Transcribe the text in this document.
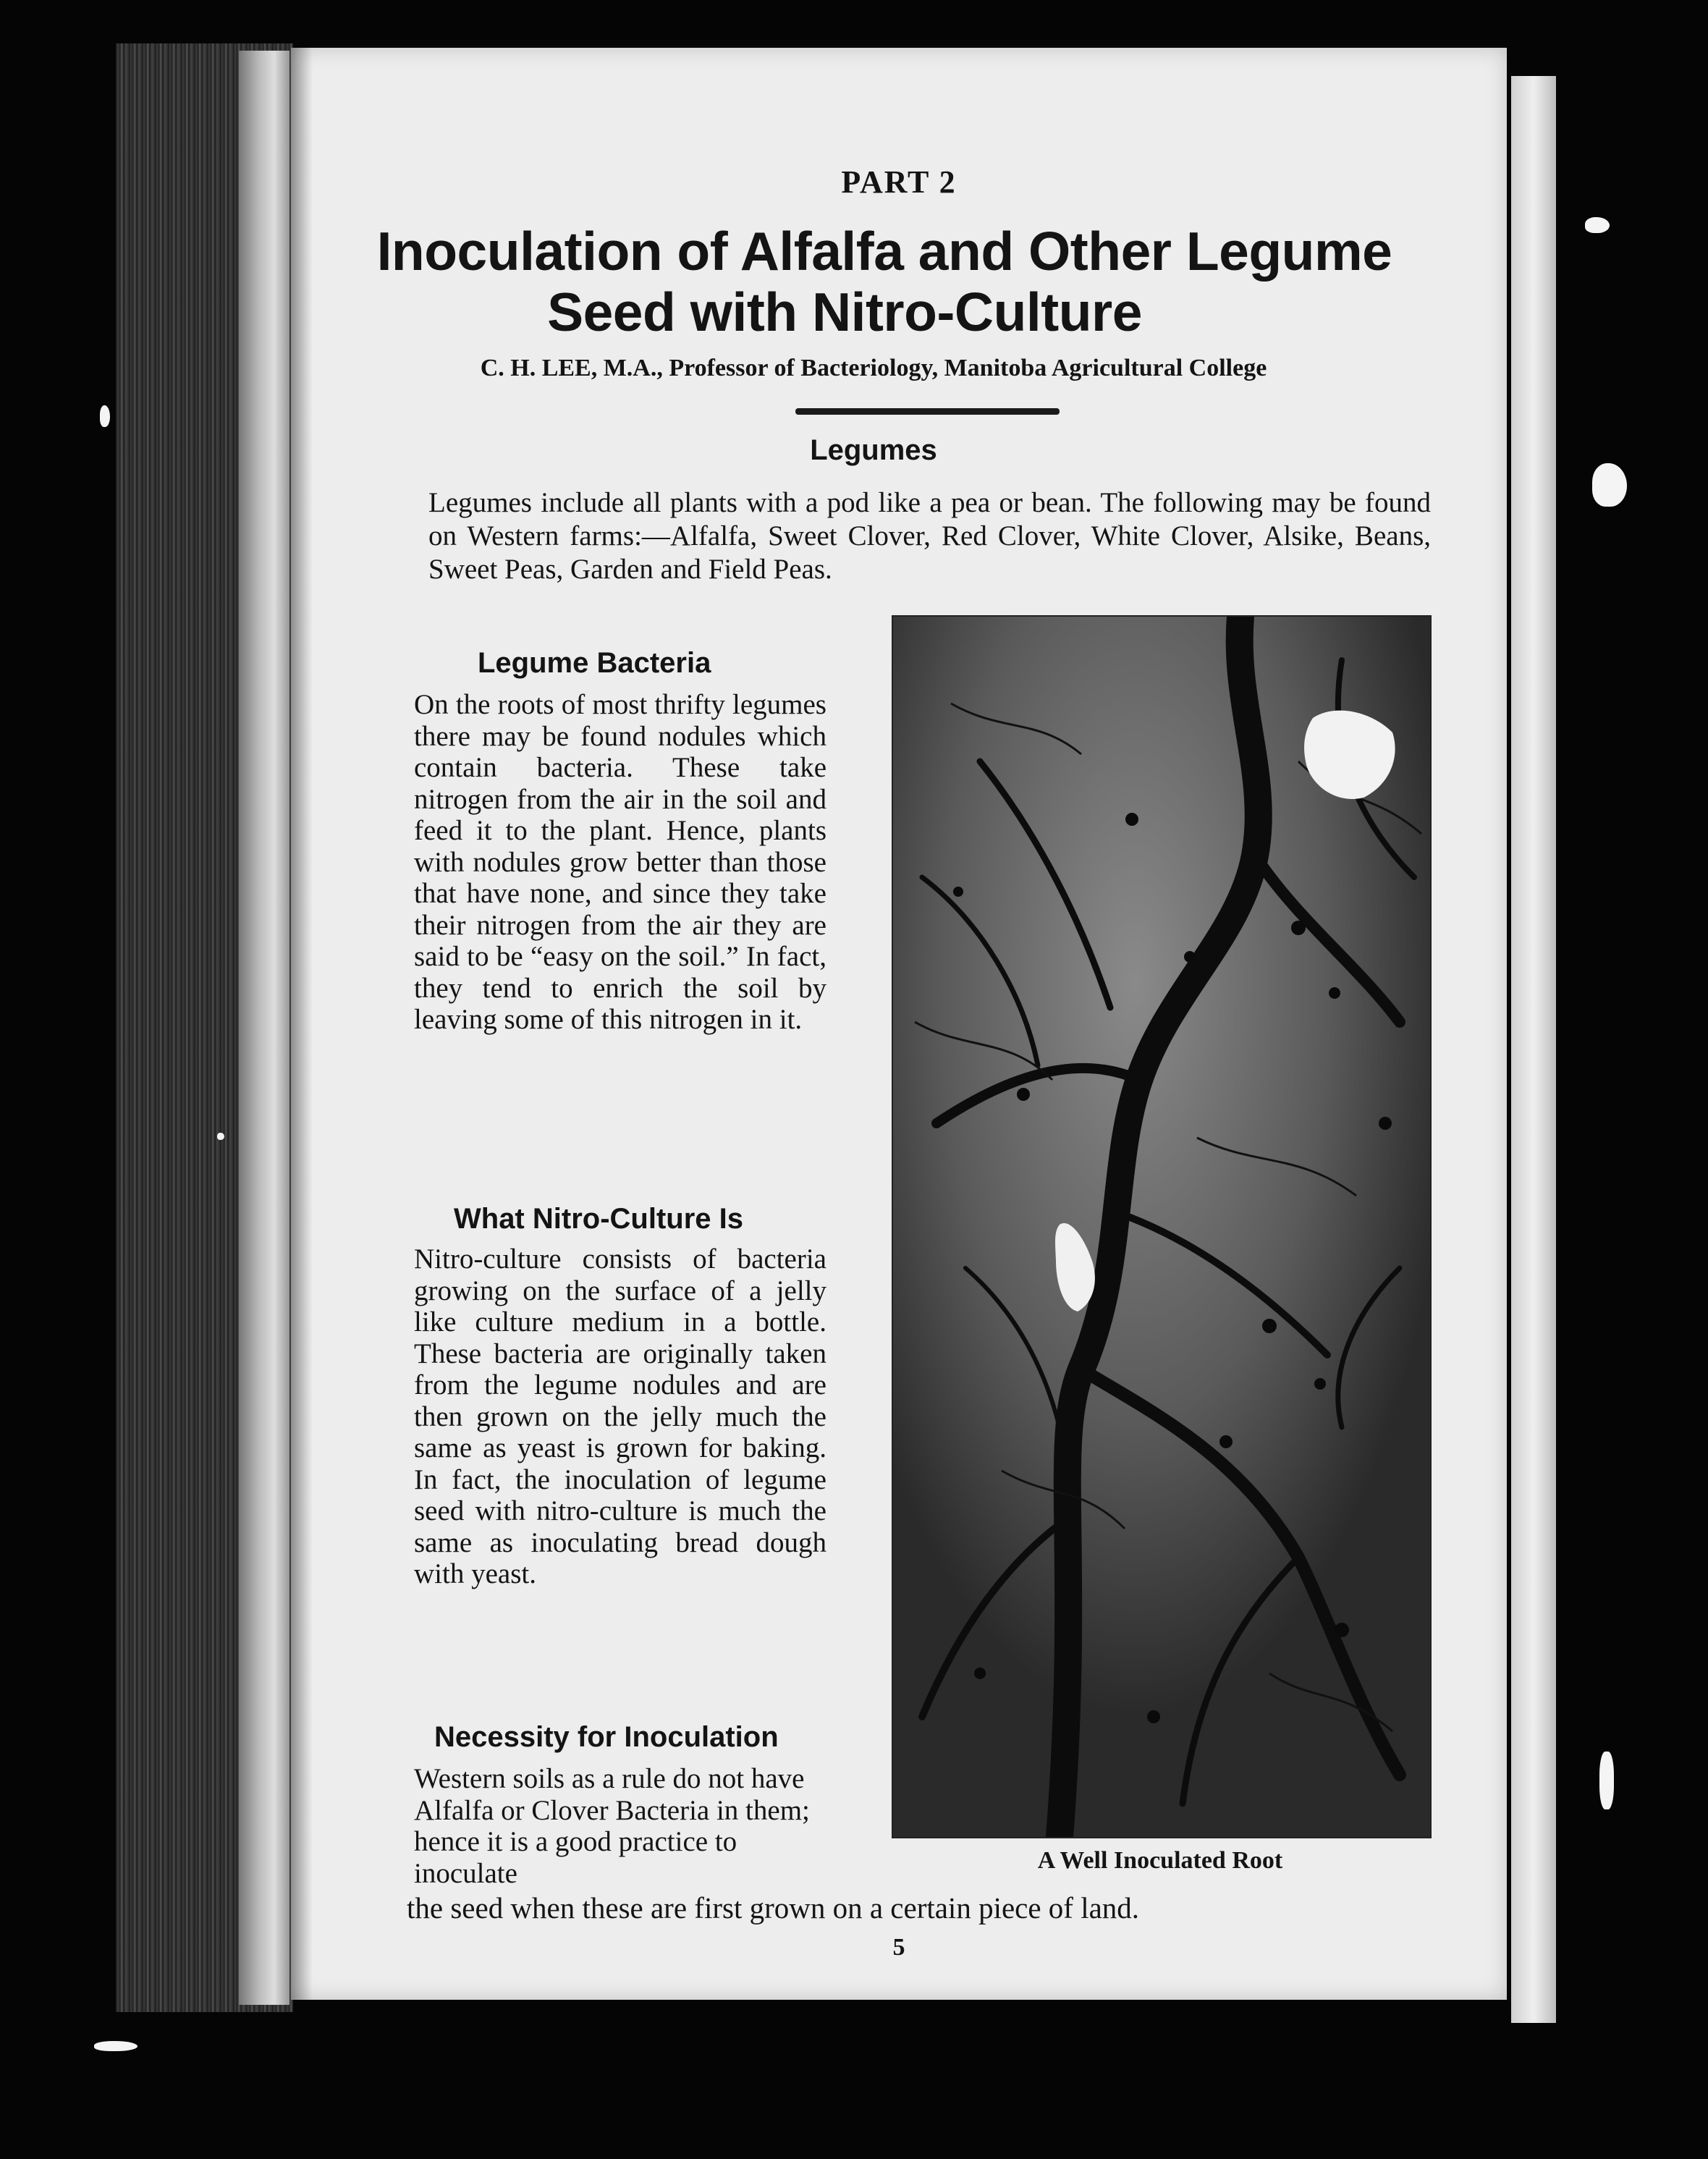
PART 2
Inoculation of Alfalfa and Other Legume
Seed with Nitro-Culture
C. H. LEE, M.A., Professor of Bacteriology, Manitoba Agricultural College
Legumes
Legumes include all plants with a pod like a pea or bean. The following may be found on Western farms:—Alfalfa, Sweet Clover, Red Clover, White Clover, Alsike, Beans, Sweet Peas, Garden and Field Peas.
Legume Bacteria
On the roots of most thrifty legumes there may be found nodules which contain bacteria. These take nitrogen from the air in the soil and feed it to the plant. Hence, plants with nodules grow better than those that have none, and since they take their nitrogen from the air they are said to be “easy on the soil.” In fact, they tend to enrich the soil by leaving some of this nitrogen in it.
What Nitro-Culture Is
Nitro-culture consists of bacteria growing on the surface of a jelly like culture medium in a bottle. These bacteria are originally taken from the legume nodules and are then grown on the jelly much the same as yeast is grown for baking. In fact, the inoculation of legume seed with nitro-culture is much the same as inoculating bread dough with yeast.
Necessity for Inoculation
Western soils as a rule do not have Alfalfa or Clover Bacteria in them; hence it is a good practice to inoculate
the seed when these are first grown on a certain piece of land.
A Well Inoculated Root
5
